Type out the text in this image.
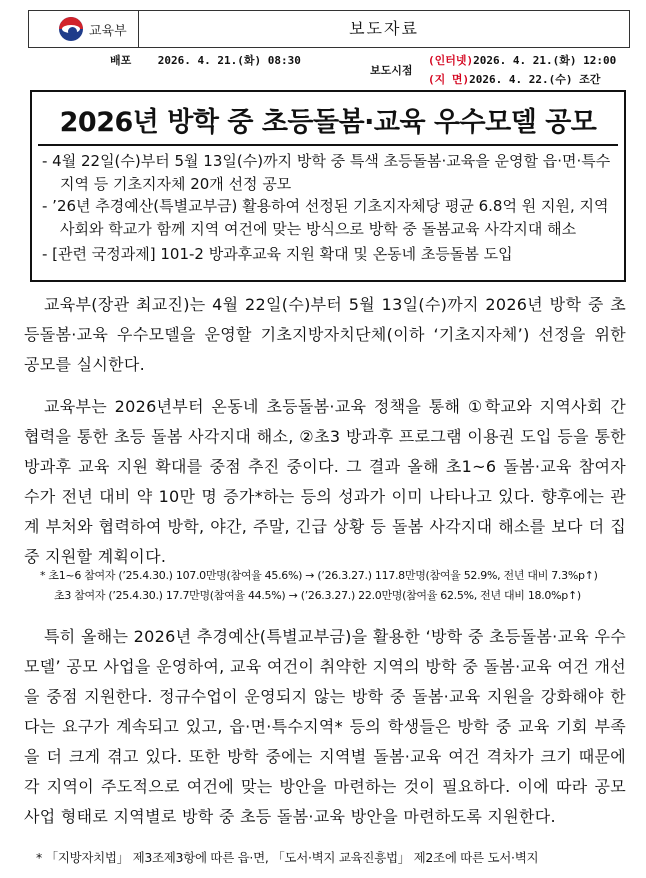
교육부	보도자료
배포 2026. 4. 21.(화) 08:30
보도시점
(인터넷)2026. 4. 21.(화) 12:00
(지 면)2026. 4. 22.(수) 조간
2026년 방학 중 초등돌봄·교육 우수모델 공모
- 4월 22일(수)부터 5월 13일(수)까지 방학 중 특색 초등돌봄·교육을 운영할 읍·면·특수지역 등 기초지자체 20개 선정 공모
- ’26년 추경예산(특별교부금) 활용하여 선정된 기초지자체당 평균 6.8억 원 지원, 지역사회와 학교가 함께 지역 여건에 맞는 방식으로 방학 중 돌봄교육 사각지대 해소
- [관련 국정과제] 101-2 방과후교육 지원 확대 및 온동네 초등돌봄 도입

교육부(장관 최교진)는 4월 22일(수)부터 5월 13일(수)까지 2026년 방학 중 초등돌봄·교육 우수모델을 운영할 기초지방자치단체(이하 ‘기초지자체’) 선정을 위한 공모를 실시한다.

교육부는 2026년부터 온동네 초등돌봄·교육 정책을 통해 ①학교와 지역사회 간 협력을 통한 초등 돌봄 사각지대 해소, ②초3 방과후 프로그램 이용권 도입 등을 통한 방과후 교육 지원 확대를 중점 추진 중이다. 그 결과 올해 초1~6 돌봄·교육 참여자 수가 전년 대비 약 10만 명 증가*하는 등의 성과가 이미 나타나고 있다. 향후에는 관계 부처와 협력하여 방학, 야간, 주말, 긴급 상황 등 돌봄 사각지대 해소를 보다 더 집중 지원할 계획이다.

* 초1~6 참여자 (’25.4.30.) 107.0만명(참여율 45.6%) → (’26.3.27.) 117.8만명(참여율 52.9%, 전년 대비 7.3%p↑)
초3 참여자 (’25.4.30.) 17.7만명(참여율 44.5%) → (’26.3.27.) 22.0만명(참여율 62.5%, 전년 대비 18.0%p↑)

특히 올해는 2026년 추경예산(특별교부금)을 활용한 ‘방학 중 초등돌봄·교육 우수모델’ 공모 사업을 운영하여, 교육 여건이 취약한 지역의 방학 중 돌봄·교육 여건 개선을 중점 지원한다. 정규수업이 운영되지 않는 방학 중 돌봄·교육 지원을 강화해야 한다는 요구가 계속되고 있고, 읍·면·특수지역* 등의 학생들은 방학 중 교육 기회 부족을 더 크게 겪고 있다. 또한 방학 중에는 지역별 돌봄·교육 여건 격차가 크기 때문에 각 지역이 주도적으로 여건에 맞는 방안을 마련하는 것이 필요하다. 이에 따라 공모 사업 형태로 지역별로 방학 중 초등 돌봄·교육 방안을 마련하도록 지원한다.

* 「지방자치법」 제3조제3항에 따른 읍·면, 「도서·벽지 교육진흥법」 제2조에 따른 도서·벽지
